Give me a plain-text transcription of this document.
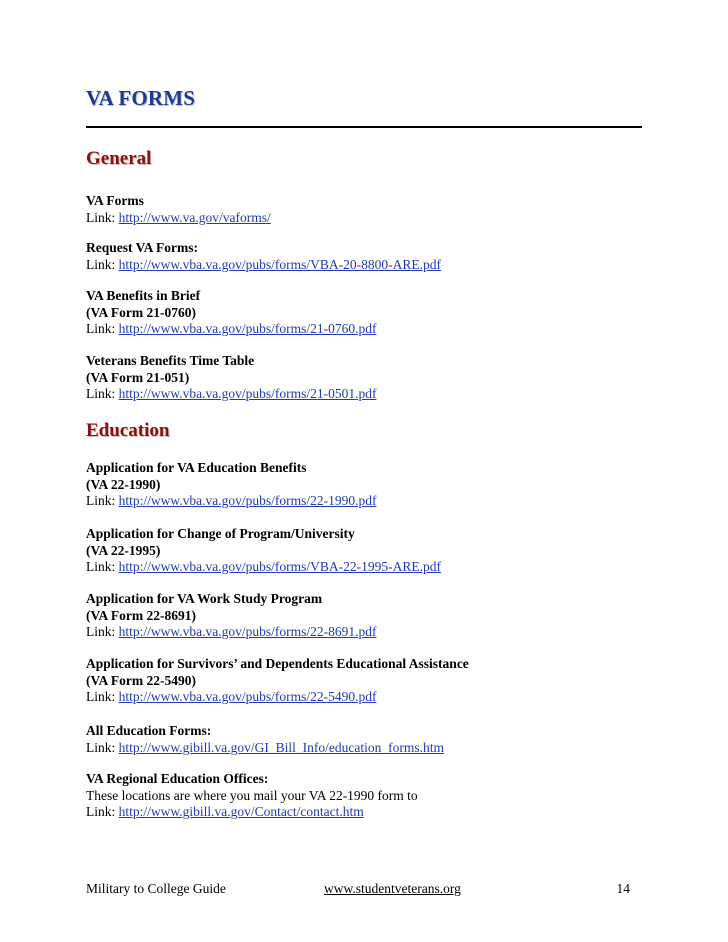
VA FORMS
General
VA Forms
Link: http://www.va.gov/vaforms/
Request VA Forms:
Link: http://www.vba.va.gov/pubs/forms/VBA-20-8800-ARE.pdf
VA Benefits in Brief
(VA Form 21-0760)
Link: http://www.vba.va.gov/pubs/forms/21-0760.pdf
Veterans Benefits Time Table
(VA Form 21-051)
Link: http://www.vba.va.gov/pubs/forms/21-0501.pdf
Education
Application for VA Education Benefits
(VA 22-1990)
Link: http://www.vba.va.gov/pubs/forms/22-1990.pdf
Application for Change of Program/University
(VA 22-1995)
Link: http://www.vba.va.gov/pubs/forms/VBA-22-1995-ARE.pdf
Application for VA Work Study Program
(VA Form 22-8691)
Link: http://www.vba.va.gov/pubs/forms/22-8691.pdf
Application for Survivors’ and Dependents Educational Assistance
(VA Form 22-5490)
Link: http://www.vba.va.gov/pubs/forms/22-5490.pdf
All Education Forms:
Link: http://www.gibill.va.gov/GI_Bill_Info/education_forms.htm
VA Regional Education Offices:
These locations are where you mail your VA 22-1990 form to
Link: http://www.gibill.va.gov/Contact/contact.htm
Military to College Guide	www.studentveterans.org	14
